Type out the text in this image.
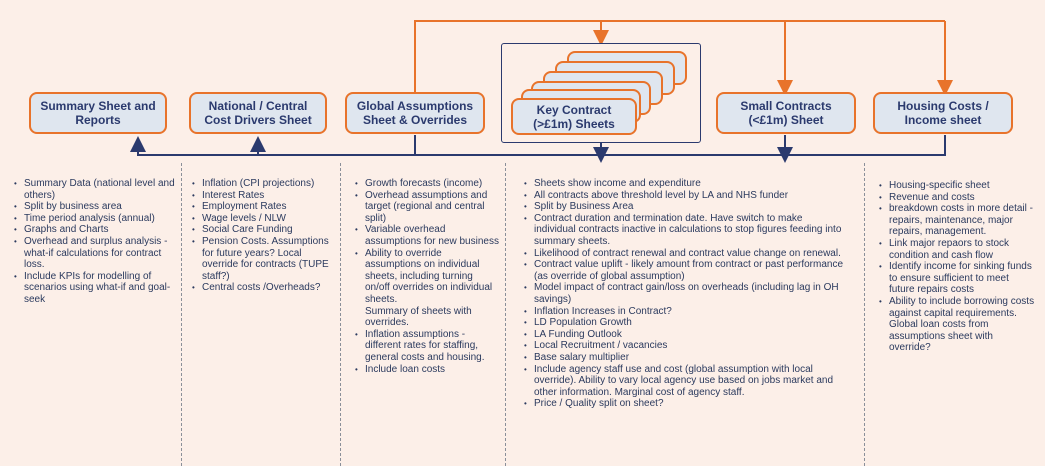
Summary Sheet and Reports
National / Central Cost Drivers Sheet
Global Assumptions Sheet & Overrides
Key Contract (>£1m) Sheets
Small Contracts (<£1m) Sheet
Housing Costs / Income sheet
• Summary Data (national level and others)
• Split by business area
• Time period analysis (annual)
• Graphs and Charts
• Overhead and surplus analysis - what-if calculations for contract loss.
• Include KPIs for modelling of scenarios using what-if and goal-seek
• Inflation (CPI projections)
• Interest Rates
• Employment Rates
• Wage levels / NLW
• Social Care Funding
• Pension Costs. Assumptions for future years? Local override for contracts (TUPE staff?)
• Central costs /Overheads?
• Growth forecasts (income)
• Overhead assumptions and target (regional and central split)
• Variable overhead assumptions for new business
• Ability to override assumptions on individual sheets, including turning on/off overrides on individual sheets.
Summary of sheets with overrides.
• Inflation assumptions - different rates for staffing, general costs and housing.
• Include loan costs
• Sheets show income and expenditure
• All contracts above threshold level by LA and NHS funder
• Split by Business Area
• Contract duration and termination date. Have switch to make individual contracts inactive in calculations to stop figures feeding into summary sheets.
• Likelihood of contract renewal and contract value change on renewal.
• Contract value uplift - likely amount from contract or past performance (as override of global assumption)
• Model impact of contract gain/loss on overheads (including lag in OH savings)
• Inflation Increases in Contract?
• LD Population Growth
• LA Funding Outlook
• Local Recruitment / vacancies
• Base salary multiplier
• Include agency staff use and cost (global assumption with local override). Ability to vary local agency use based on jobs market and other information. Marginal cost of agency staff.
• Price / Quality split on sheet?
• Housing-specific sheet
• Revenue and costs
• breakdown costs in more detail - repairs, maintenance, major repairs, management.
• Link major repaors to stock condition and cash flow
• Identify income for sinking funds to ensure sufficient to meet future repairs costs
• Ability to include borrowing costs against capital requirements. Global loan costs from assumptions sheet with override?
